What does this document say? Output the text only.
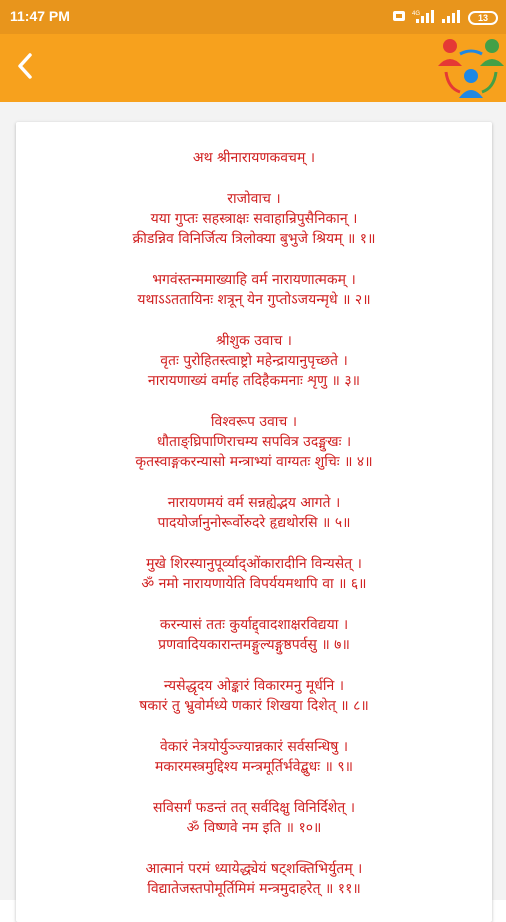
11:47 PM	4G	13
अथ श्रीनारायणकवचम् ।
राजोवाच ।
यया गुप्तः सहस्त्राक्षः सवाहान्रिपुसैनिकान् ।
क्रीडन्निव विनिर्जित्य त्रिलोक्या बुभुजे श्रियम् ॥ १॥
भगवंस्तन्ममाख्याहि वर्म नारायणात्मकम् ।
यथाऽऽततायिनः शत्रून् येन गुप्तोऽजयन्मृधे ॥ २॥
श्रीशुक उवाच ।
वृतः पुरोहितस्त्वाष्ट्रो महेन्द्रायानुपृच्छते ।
नारायणाख्यं वर्माह तदिहैकमनाः शृणु ॥ ३॥
विश्वरूप उवाच ।
धौताङ्घ्रिपाणिराचम्य सपवित्र उदङ्मुखः ।
कृतस्वाङ्गकरन्यासो मन्त्राभ्यां वाग्यतः शुचिः ॥ ४॥
नारायणमयं वर्म सन्नह्येद्भय आगते ।
पादयोर्जानुनोरूर्वोरुदरे हृद्यथोरसि ॥ ५॥
मुखे शिरस्यानुपूर्व्याद्ओंकारादीनि विन्यसेत् ।
ॐ नमो नारायणायेति विपर्ययमथापि वा ॥ ६॥
करन्यासं ततः कुर्याद्द्वादशाक्षरविद्यया ।
प्रणवादियकारान्तमङ्गुल्यङ्गुष्ठपर्वसु ॥ ७॥
न्यसेद्धृदय ओङ्कारं विकारमनु मूर्धनि ।
षकारं तु भ्रुवोर्मध्ये णकारं शिखया दिशेत् ॥ ८॥
वेकारं नेत्रयोर्युञ्ज्यान्नकारं सर्वसन्धिषु ।
मकारमस्त्रमुद्दिश्य मन्त्रमूर्तिर्भवेद्बुधः ॥ ९॥
सविसर्गं फडन्तं तत् सर्वदिक्षु विनिर्दिशेत् ।
ॐ विष्णवे नम इति ॥ १०॥
आत्मानं परमं ध्यायेद्ध्येयं षट्शक्तिभिर्युतम् ।
विद्यातेजस्तपोमूर्तिमिमं मन्त्रमुदाहरेत् ॥ ११॥
